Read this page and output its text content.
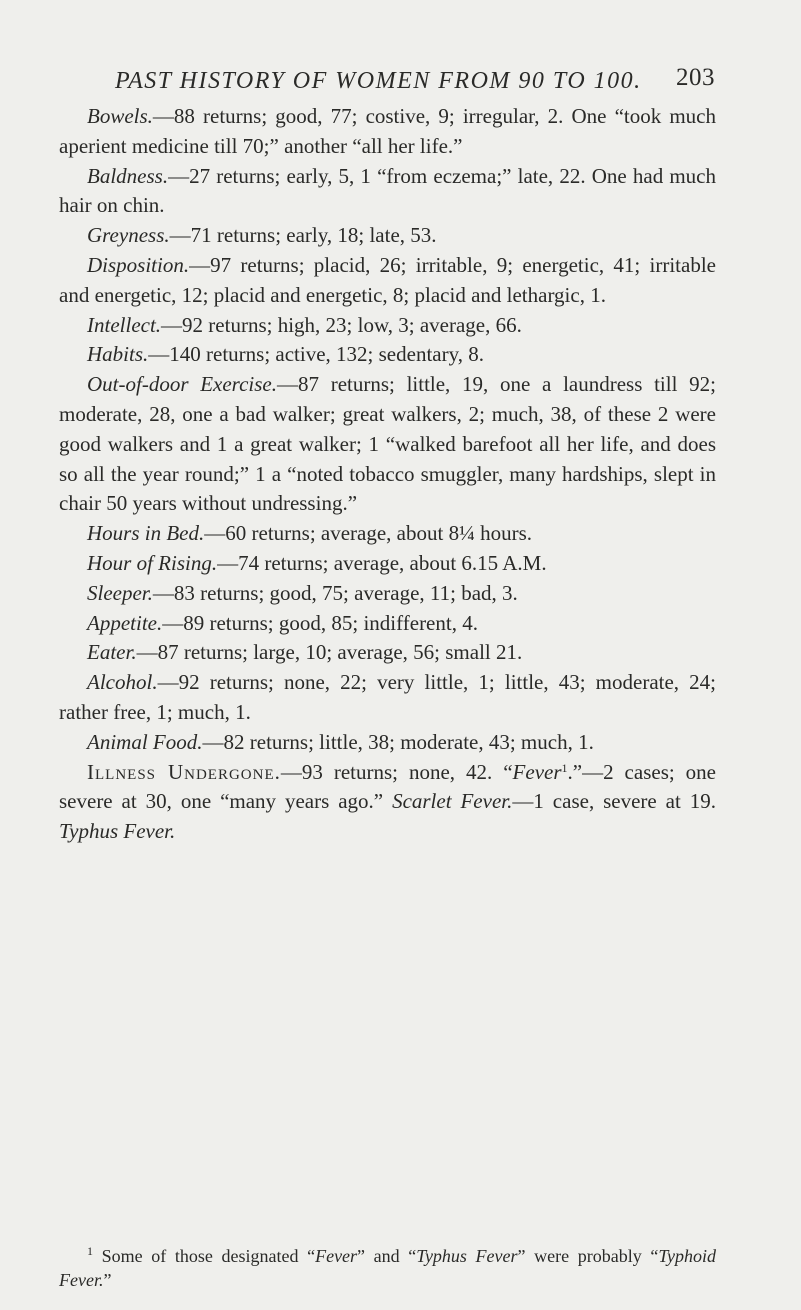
PAST HISTORY OF WOMEN FROM 90 TO 100. 203

Bowels.—88 returns; good, 77; costive, 9; irregular, 2. One “took much aperient medicine till 70;” another “all her life.”

Baldness.—27 returns; early, 5, 1 “from eczema;” late, 22. One had much hair on chin.

Greyness.—71 returns; early, 18; late, 53.

Disposition.—97 returns; placid, 26; irritable, 9; energetic, 41; irritable and energetic, 12; placid and energetic, 8; placid and lethargic, 1.

Intellect.—92 returns; high, 23; low, 3; average, 66.

Habits.—140 returns; active, 132; sedentary, 8.

Out-of-door Exercise.—87 returns; little, 19, one a laundress till 92; moderate, 28, one a bad walker; great walkers, 2; much, 38, of these 2 were good walkers and 1 a great walker; 1 “walked barefoot all her life, and does so all the year round;” 1 a “noted tobacco smuggler, many hardships, slept in chair 50 years without undressing.”

Hours in Bed.—60 returns; average, about 8¼ hours.

Hour of Rising.—74 returns; average, about 6.15 A.M.

Sleeper.—83 returns; good, 75; average, 11; bad, 3.

Appetite.—89 returns; good, 85; indifferent, 4.

Eater.—87 returns; large, 10; average, 56; small 21.

Alcohol.—92 returns; none, 22; very little, 1; little, 43; moderate, 24; rather free, 1; much, 1.

Animal Food.—82 returns; little, 38; moderate, 43; much, 1.

Illness Undergone.—93 returns; none, 42. “Fever$^1$.”—2 cases; one severe at 30, one “many years ago.” Scarlet Fever.—1 case, severe at 19. Typhus Fever.

$^1$ Some of those designated “Fever” and “Typhus Fever” were probably “Typhoid Fever.”
